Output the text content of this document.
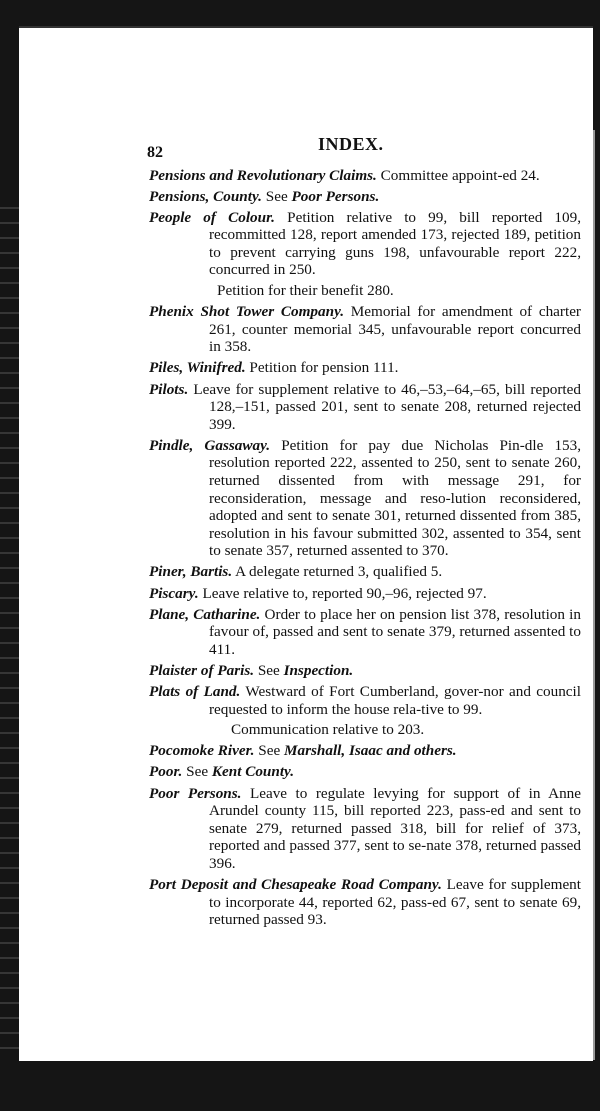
82	INDEX.
Pensions and Revolutionary Claims. Committee appoint-ed 24.
Pensions, County. See Poor Persons.
People of Colour. Petition relative to 99, bill reported 109, recommitted 128, report amended 173, rejected 189, petition to prevent carrying guns 198, unfavourable report 222, concurred in 250.
Petition for their benefit 280.
Phenix Shot Tower Company. Memorial for amendment of charter 261, counter memorial 345, unfavourable report concurred in 358.
Piles, Winifred. Petition for pension 111.
Pilots. Leave for supplement relative to 46,–53,–64,–65, bill reported 128,–151, passed 201, sent to senate 208, returned rejected 399.
Pindle, Gassaway. Petition for pay due Nicholas Pin-dle 153, resolution reported 222, assented to 250, sent to senate 260, returned dissented from with message 291, for reconsideration, message and reso-lution reconsidered, adopted and sent to senate 301, returned dissented from 385, resolution in his favour submitted 302, assented to 354, sent to senate 357, returned assented to 370.
Piner, Bartis. A delegate returned 3, qualified 5.
Piscary. Leave relative to, reported 90,–96, rejected 97.
Plane, Catharine. Order to place her on pension list 378, resolution in favour of, passed and sent to senate 379, returned assented to 411.
Plaister of Paris. See Inspection.
Plats of Land. Westward of Fort Cumberland, gover-nor and council requested to inform the house rela-tive to 99.
Communication relative to 203.
Pocomoke River. See Marshall, Isaac and others.
Poor. See Kent County.
Poor Persons. Leave to regulate levying for support of in Anne Arundel county 115, bill reported 223, pass-ed and sent to senate 279, returned passed 318, bill for relief of 373, reported and passed 377, sent to se-nate 378, returned passed 396.
Port Deposit and Chesapeake Road Company. Leave for supplement to incorporate 44, reported 62, pass-ed 67, sent to senate 69, returned passed 93.
